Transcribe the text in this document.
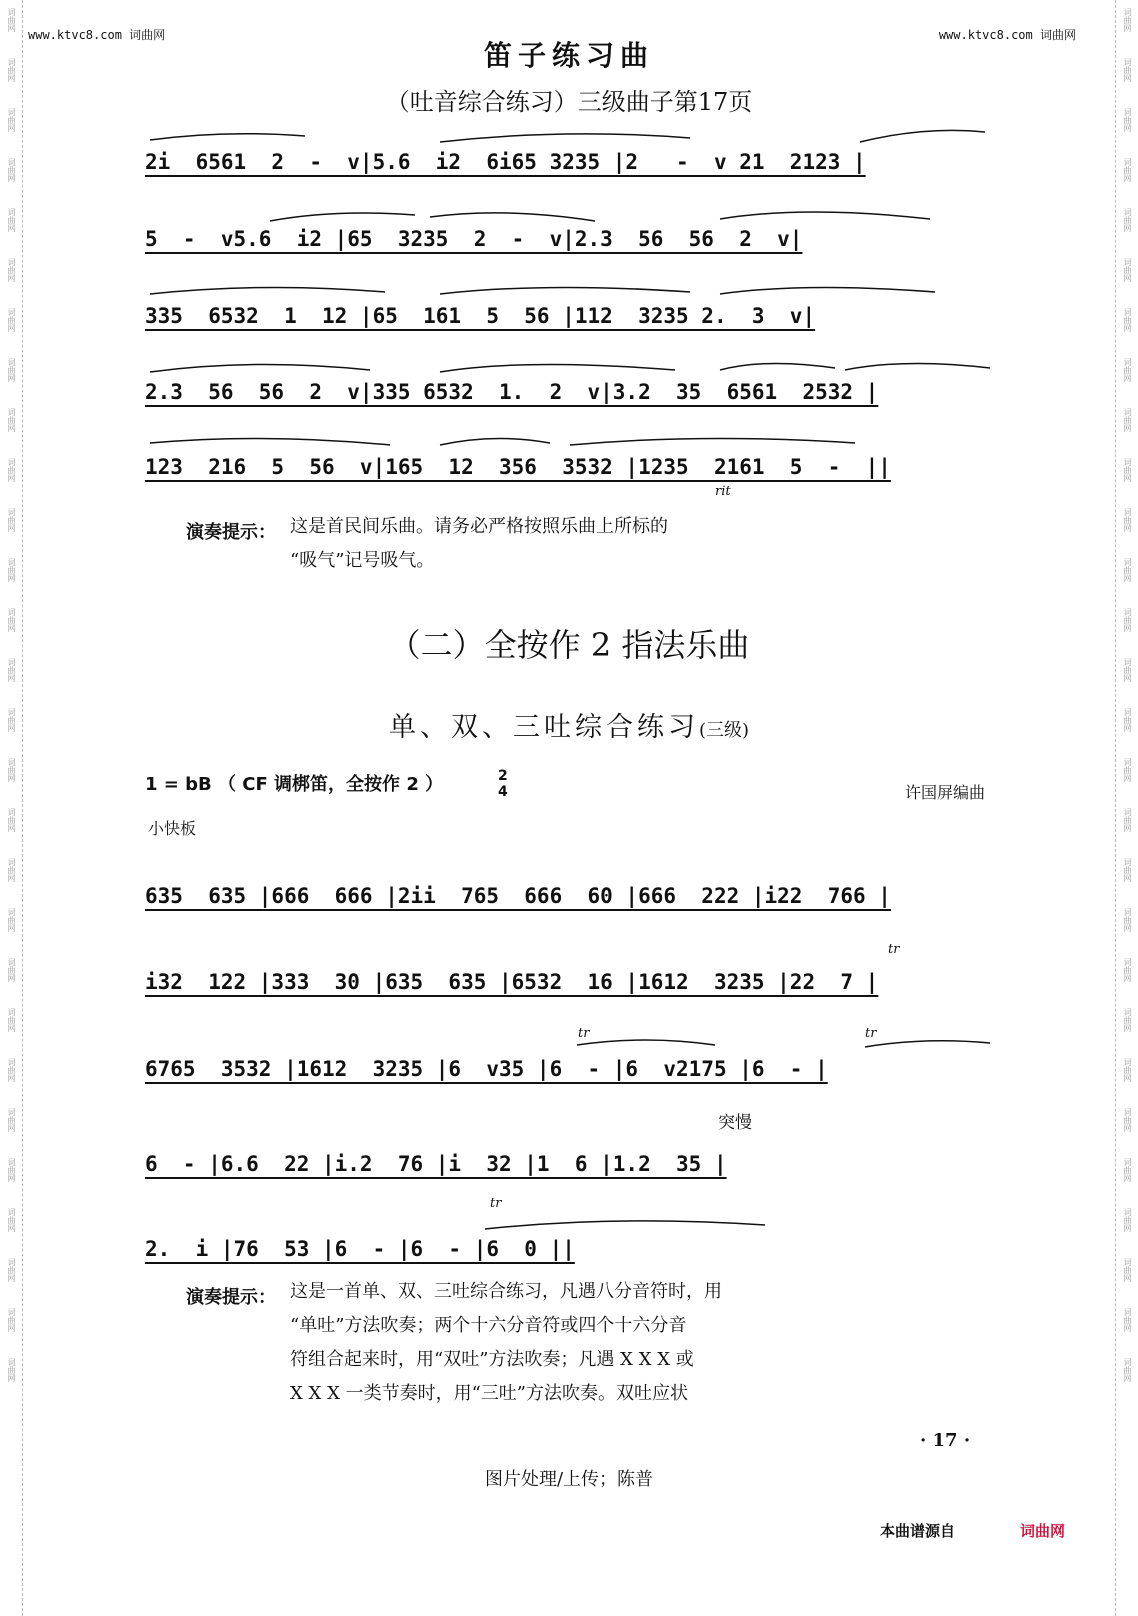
词曲网
词曲网
词曲网
词曲网
词曲网
词曲网
词曲网
词曲网
词曲网
词曲网
词曲网
词曲网
词曲网
词曲网
词曲网
词曲网
词曲网
词曲网
词曲网
词曲网
词曲网
词曲网
词曲网
词曲网
词曲网
词曲网
词曲网
词曲网
词曲网
词曲网
词曲网
词曲网
词曲网
词曲网
词曲网
词曲网
词曲网
词曲网
词曲网
词曲网
词曲网
词曲网
词曲网
词曲网
词曲网
词曲网
词曲网
词曲网
词曲网
词曲网
词曲网
词曲网
词曲网
词曲网
词曲网
词曲网
www.ktvc8.com 词曲网	www.ktvc8.com 词曲网
笛子练习曲
（吐音综合练习）三级曲子第17页
2i  6561  2  -  v|5.6  i2  6i65 3235 |2   -  v 21  2123 |
5  -  v5.6  i2 |65  3235  2  -  v|2.3  56  56  2  v|
335  6532  1  12 |65  161  5  56 |112  3235 2.  3  v|
2.3  56  56  2  v|335 6532  1.  2  v|3.2  35  6561  2532 |
123  216  5  56  v|165  12  356  3532 |1235  2161  5  -  ||
rit
演奏提示： 这是首民间乐曲。请务必严格按照乐曲上所标的
“吸气”记号吸气。
（二）全按作 2 指法乐曲
单、双、三吐综合练习(三级)
1 = bB （ CF 调梆笛，全按作 2 ）	2
4	许国屏编曲
小快板
635  635 |666  666 |2ii  765  666  60 |666  222 |i22  766 |
i32  122 |333  30 |635  635 |6532  16 |1612  3235 |22  7 |
tr
6765  3532 |1612  3235 |6  v35 |6  - |6  v2175 |6  - |
tr	tr
突慢
6  - |6.6  22 |i.2  76 |i  32 |1  6 |1.2  35 |
2.  i |76  53 |6  - |6  - |6  0 ||
tr
演奏提示： 这是一首单、双、三吐综合练习，凡遇八分音符时，用
“单吐”方法吹奏；两个十六分音符或四个十六分音
符组合起来时，用“双吐”方法吹奏；凡遇 X X X 或
X X X 一类节奏时，用“三吐”方法吹奏。双吐应状
· 17 ·
图片处理/上传；陈普
本曲谱源自	词曲网
